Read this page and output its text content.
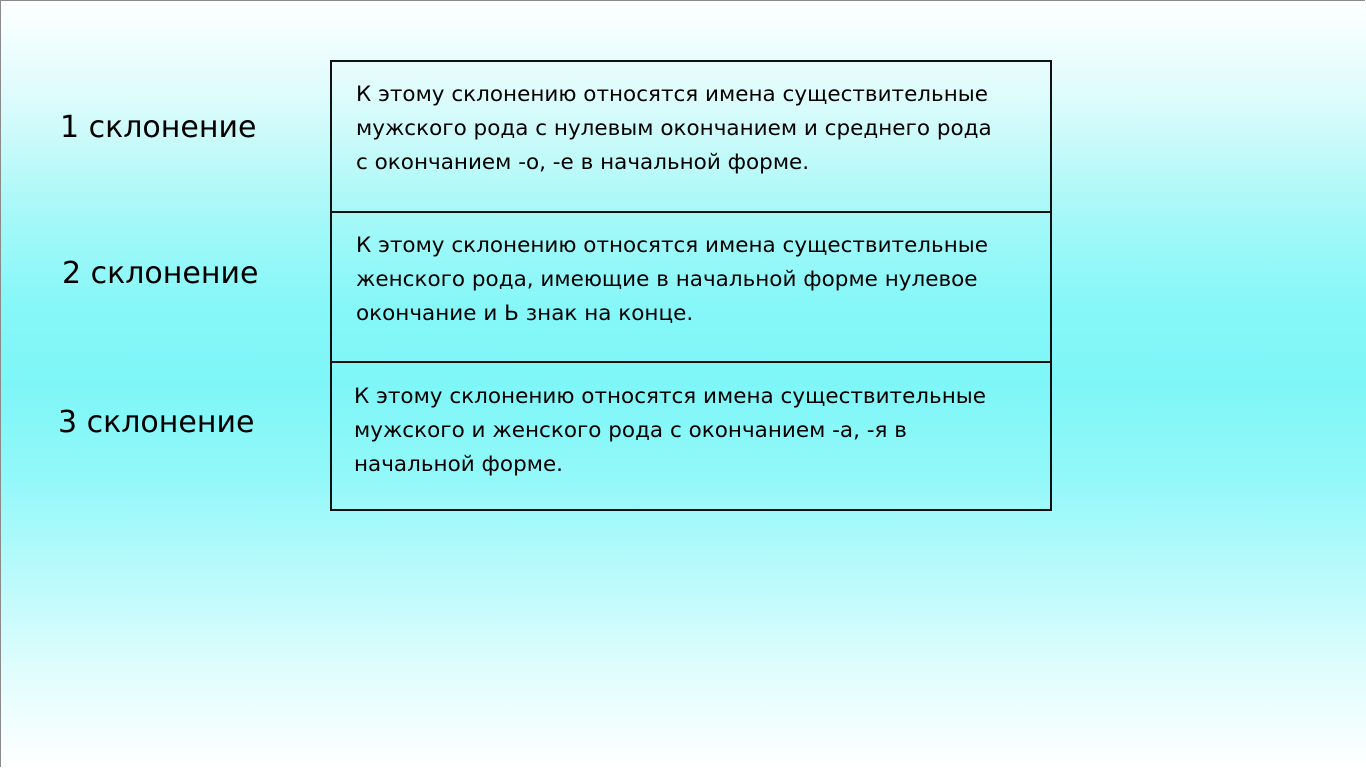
1 склонение
2 склонение
3 склонение
К этому склонению относятся имена существительные
мужского рода с нулевым окончанием и среднего рода
с окончанием -о, -е в начальной форме.
К этому склонению относятся имена существительные
женского рода, имеющие в начальной форме нулевое
окончание и Ь знак на конце.
К этому склонению относятся имена существительные
мужского и женского рода с окончанием -а, -я в
начальной форме.
